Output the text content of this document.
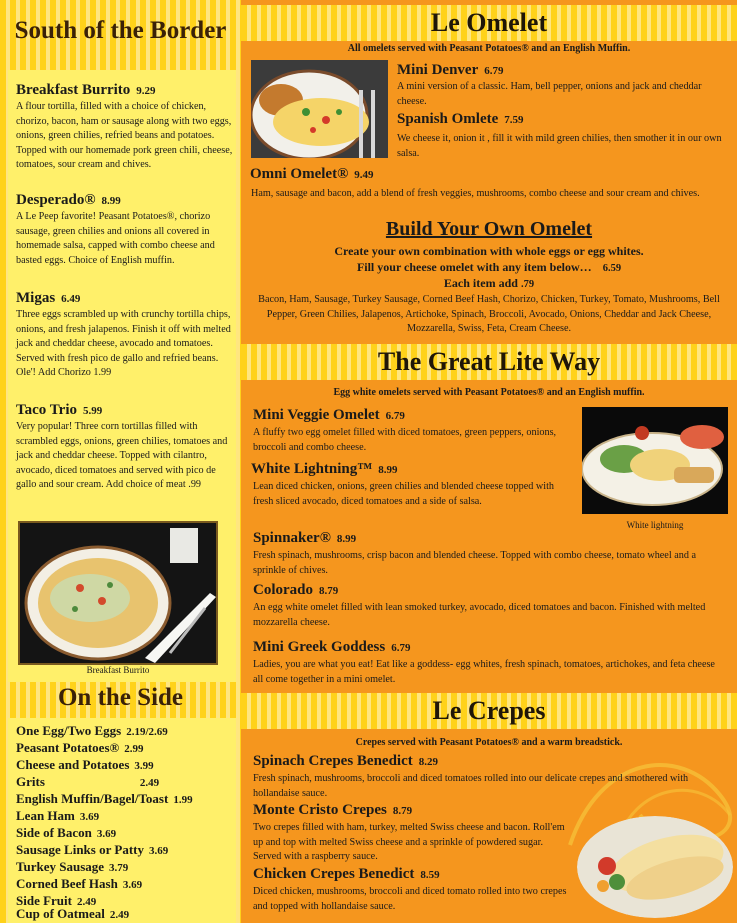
South of the Border
Breakfast Burrito 9.29
A flour tortilla, filled with a choice of chicken, chorizo, bacon, ham or sausage along with two eggs, onions, green chilies, refried beans and potatoes. Topped with our homemade pork green chili, cheese, tomatoes, sour cream and chives.
Desperado® 8.99
A Le Peep favorite! Peasant Potatoes®, chorizo sausage, green chilies and onions all covered in homemade salsa, capped with combo cheese and basted eggs. Choice of English muffin.
Migas 6.49
Three eggs scrambled up with crunchy tortilla chips, onions, and fresh jalapenos. Finish it off with melted jack and cheddar cheese, avocado and tomatoes. Served with fresh pico de gallo and refried beans. Ole'! Add Chorizo 1.99
Taco Trio 5.99
Very popular! Three corn tortillas filled with scrambled eggs, onions, green chilies, tomatoes and jack and cheddar cheese. Topped with cilantro, avocado, diced tomatoes and served with pico de gallo and sour cream. Add choice of meat .99
Breakfast Burrito
On the Side
One Egg/Two Eggs 2.19/2.69
Peasant Potatoes® 2.99
Cheese and Potatoes 3.99
Grits	2.49
English Muffin/Bagel/Toast 1.99
Lean Ham 3.69
Side of Bacon 3.69
Sausage Links or Patty 3.69
Turkey Sausage 3.79
Corned Beef Hash 3.69
Side Fruit 2.49
Cup of Oatmeal 2.49
Le Omelet
All omelets served with Peasant Potatoes® and an English Muffin.
Mini Denver 6.79
A mini version of a classic. Ham, bell pepper, onions and jack and cheddar cheese.
Spanish Omlete 7.59
We cheese it, onion it , fill it with mild green chilies, then smother it in our own salsa.
Omni Omelet® 9.49
Ham, sausage and bacon, add a blend of fresh veggies, mushrooms, combo cheese and sour cream and chives.
Build Your Own Omelet
Create your own combination with whole eggs or egg whites.
Fill your cheese omelet with any item below… 6.59
Each item add .79
Bacon, Ham, Sausage, Turkey Sausage, Corned Beef Hash, Chorizo, Chicken, Turkey, Tomato, Mushrooms, Bell Pepper, Green Chilies, Jalapenos, Artichoke, Spinach, Broccoli, Avocado, Onions, Cheddar and Jack Cheese, Mozzarella, Swiss, Feta, Cream Cheese.
The Great Lite Way
Egg white omelets served with Peasant Potatoes® and an English muffin.
White lightning
Mini Veggie Omelet 6.79
A fluffy two egg omelet filled with diced tomatoes, green peppers, onions, broccoli and combo cheese.
White Lightning™ 8.99
Lean diced chicken, onions, green chilies and blended cheese topped with fresh sliced avocado, diced tomatoes and a side of salsa.
Spinnaker® 8.99
Fresh spinach, mushrooms, crisp bacon and blended cheese. Topped with combo cheese, tomato wheel and a sprinkle of chives.
Colorado 8.79
An egg white omelet filled with lean smoked turkey, avocado, diced tomatoes and bacon. Finished with melted mozzarella cheese.
Mini Greek Goddess 6.79
Ladies, you are what you eat! Eat like a goddess- egg whites, fresh spinach, tomatoes, artichokes, and feta cheese all come together in a mini omelet.
Le Crepes
Crepes served with Peasant Potatoes® and a warm breadstick.
Spinach Crepes Benedict 8.29
Fresh spinach, mushrooms, broccoli and diced tomatoes rolled into our delicate crepes and smothered with hollandaise sauce.
Monte Cristo Crepes 8.79
Two crepes filled with ham, turkey, melted Swiss cheese and bacon. Roll'em up and top with melted Swiss cheese and a sprinkle of powdered sugar. Served with a raspberry sauce.
Chicken Crepes Benedict 8.59
Diced chicken, mushrooms, broccoli and diced tomato rolled into two crepes and topped with hollandaise sauce.
